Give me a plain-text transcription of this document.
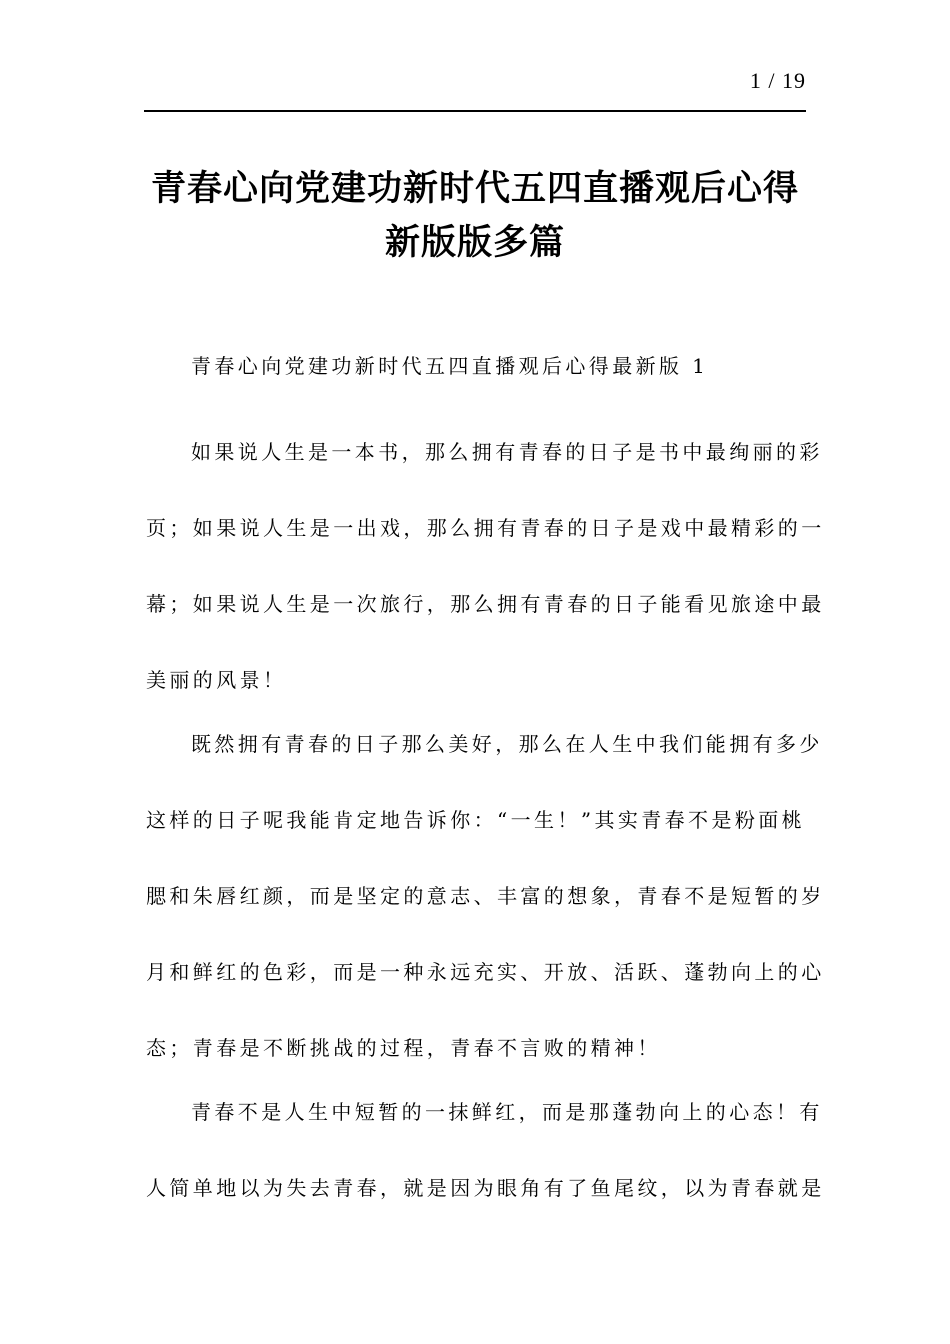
1 / 19
青春心向党建功新时代五四直播观后心得
新版版多篇
青春心向党建功新时代五四直播观后心得最新版 1

如果说人生是一本书，那么拥有青春的日子是书中最绚丽的彩
页；如果说人生是一出戏，那么拥有青春的日子是戏中最精彩的一
幕；如果说人生是一次旅行，那么拥有青春的日子能看见旅途中最
美丽的风景！

既然拥有青春的日子那么美好，那么在人生中我们能拥有多少
这样的日子呢我能肯定地告诉你：“一生！”其实青春不是粉面桃
腮和朱唇红颜，而是坚定的意志、丰富的想象，青春不是短暂的岁
月和鲜红的色彩，而是一种永远充实、开放、活跃、蓬勃向上的心
态；青春是不断挑战的过程，青春不言败的精神！

青春不是人生中短暂的一抹鲜红，而是那蓬勃向上的心态！有
人简单地以为失去青春，就是因为眼角有了鱼尾纹，以为青春就是
